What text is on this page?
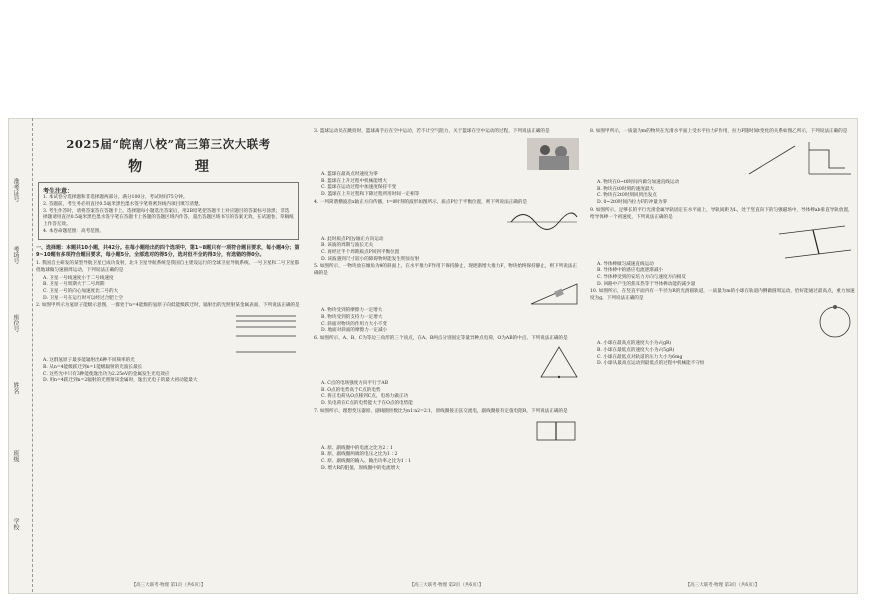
准考证号
考场号
座位号
姓名
班级
学校
2025届“皖南八校”高三第三次大联考
物 理
考生注意：

1. 本试卷分选择题和非选择题两部分。满分100分，考试时间75分钟。

2. 答题前，考生务必用直径0.5毫米黑色墨水签字笔将密封线内项目填写清楚。

3. 考生作答时，请将答案答在答题卡上。选择题每小题选出答案后，用2B铅笔把答题卡上对应题目的答案标号涂黑；非选择题请用直径0.5毫米黑色墨水签字笔在答题卡上各题的答题区域内作答，超出答题区域书写的答案无效，在试题卷、草稿纸上作答无效。

4. 本卷命题范围：高考范围。

一、选择题：本题共10小题，共42分。在每小题给出的四个选项中，第1~8题只有一项符合题目要求，每小题4分；第9~10题有多项符合题目要求，每小题5分，全部选对的得5分，选对但不全的得3分，有选错的得0分。

1. 我国自主研发的某型导航卫星已成功发射，北斗卫星导航系统是我国自主建设运行的全球卫星导航系统。一号卫星和二号卫星都绕地球做匀速圆周运动，下列说法正确的是

A. 卫星一号线速度小于二号线速度

B. 卫星一号周期大于二号周期

C. 卫星一号的向心加速度比二号的大

D. 卫星一号在运行时可以经过合肥上空

2. 如图甲所示为氢原子能级示意图，一群处于n=4能级的氢原子向低能级跃迁时，辐射出的光照射某金属表面，下列说法正确的是

A. 这群氢原子最多能辐射出6种不同频率的光

B. 从n=4能级跃迁到n=1能级辐射的光波长最长

C. 这些光中只有3种能使逸出功为2.25eV的金属发生光电效应

D. 用n=4跃迁到n=2辐射的光照射该金属时，逸出光电子的最大初动能最大

3. 篮球运动员在跳投时，篮球离手后在空中运动，若不计空气阻力，关于篮球在空中运动的过程，下列说法正确的是

A. 篮球在最高点时速度为零

B. 篮球在上升过程中机械能增大

C. 篮球在运动过程中加速度保持不变

D. 篮球在上升过程和下降过程所用时间一定相等

4. 一列简谐横波沿x轴正方向传播，t=0时刻的波形如图所示，质点P位于平衡位置，则下列说法正确的是

A. 此时质点P沿y轴正方向运动

B. 该波的周期与波长无关

C. 再经过半个周期质点P回到平衡位置

D. 该波遇到尺寸较小的障碍物时能发生明显衍射

5. 如图所示，一物块放在倾角为θ的斜面上，在水平推力F作用下保持静止，现逐渐增大推力F，物块始终保持静止，则下列说法正确的是

A. 物块受到的摩擦力一定增大

B. 物块受到的支持力一定增大

C. 斜面对物块的作用力大小不变

D. 地面对斜面的摩擦力一定减小

6. 如图所示，A、B、C为等边三角形的三个顶点，在A、B两点分别固定等量异种点电荷，O为AB的中点，下列说法正确的是

A. C点的电场强度方向平行于AB

B. O点的电势高于C点的电势

C. 将正电荷从O点移到C点，电场力做正功

D. 负电荷在C点的电势能大于在O点的电势能

7. 如图所示，理想变压器原、副线圈匝数比为n1∶n2=2∶1，原线圈接正弦交流电，副线圈接有定值电阻R，下列说法正确的是

A. 原、副线圈中的电流之比为2∶1

B. 原、副线圈两端的电压之比为1∶2

C. 原、副线圈的输入、输出功率之比为1∶1

D. 增大R的阻值，原线圈中的电流增大

8. 如图甲所示，一质量为m的物块在光滑水平面上受水平拉力F作用，拉力F随时间t变化的关系如图乙所示，下列说法正确的是

A. 物块在0~t0时间内做匀加速直线运动

B. 物块在t0时刻的速度最大

C. 物块在2t0时刻回到出发点

D. 0~2t0时间内拉力F的冲量为零

9. 如图所示，足够长的平行光滑金属导轨固定在水平面上，导轨间距为L，处于竖直向下的匀强磁场中，导体棒ab垂直导轨放置，给导体棒一个初速度，下列说法正确的是

A. 导体棒做匀减速直线运动

B. 导体棒中的感应电流逐渐减小

C. 导体棒受到的安培力方向与速度方向相反

D. 回路中产生的焦耳热等于导体棒动能的减少量

10. 如图所示，在竖直平面内有一半径为R的光滑圆轨道，一质量为m的小球在轨道内侧做圆周运动，恰好能通过最高点，重力加速度为g，下列说法正确的是

A. 小球在最高点的速度大小为√(gR)

B. 小球在最低点的速度大小为√(5gR)

C. 小球在最低点对轨道的压力大小为6mg

D. 小球从最高点运动到最低点的过程中机械能不守恒

【高三大联考·物理 第1页（共6页）】	【高三大联考·物理 第2页（共6页）】	【高三大联考·物理 第3页（共6页）】
